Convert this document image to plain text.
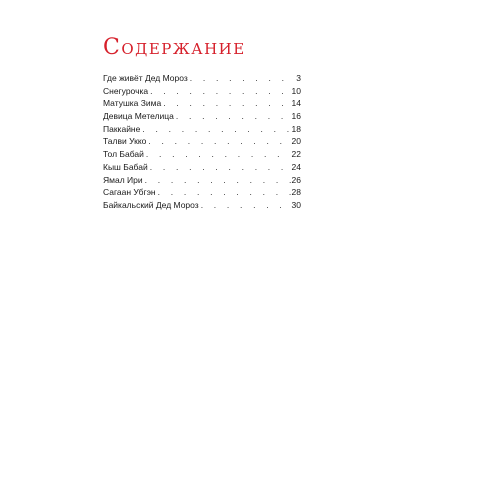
Содержание
Где живёт Дед Мороз . . .	3
Снегурочка . . .	10
Матушка Зима . . .	14
Девица Метелица . . .	16
Паккайне . . .	18
Талви Укко . . .	20
Тол Бабай . . .	22
Кыш Бабай . . .	24
Ямал Ири . . .	26
Сагаан Убгэн . . .	28
Байкальский Дед Мороз . . .	30
